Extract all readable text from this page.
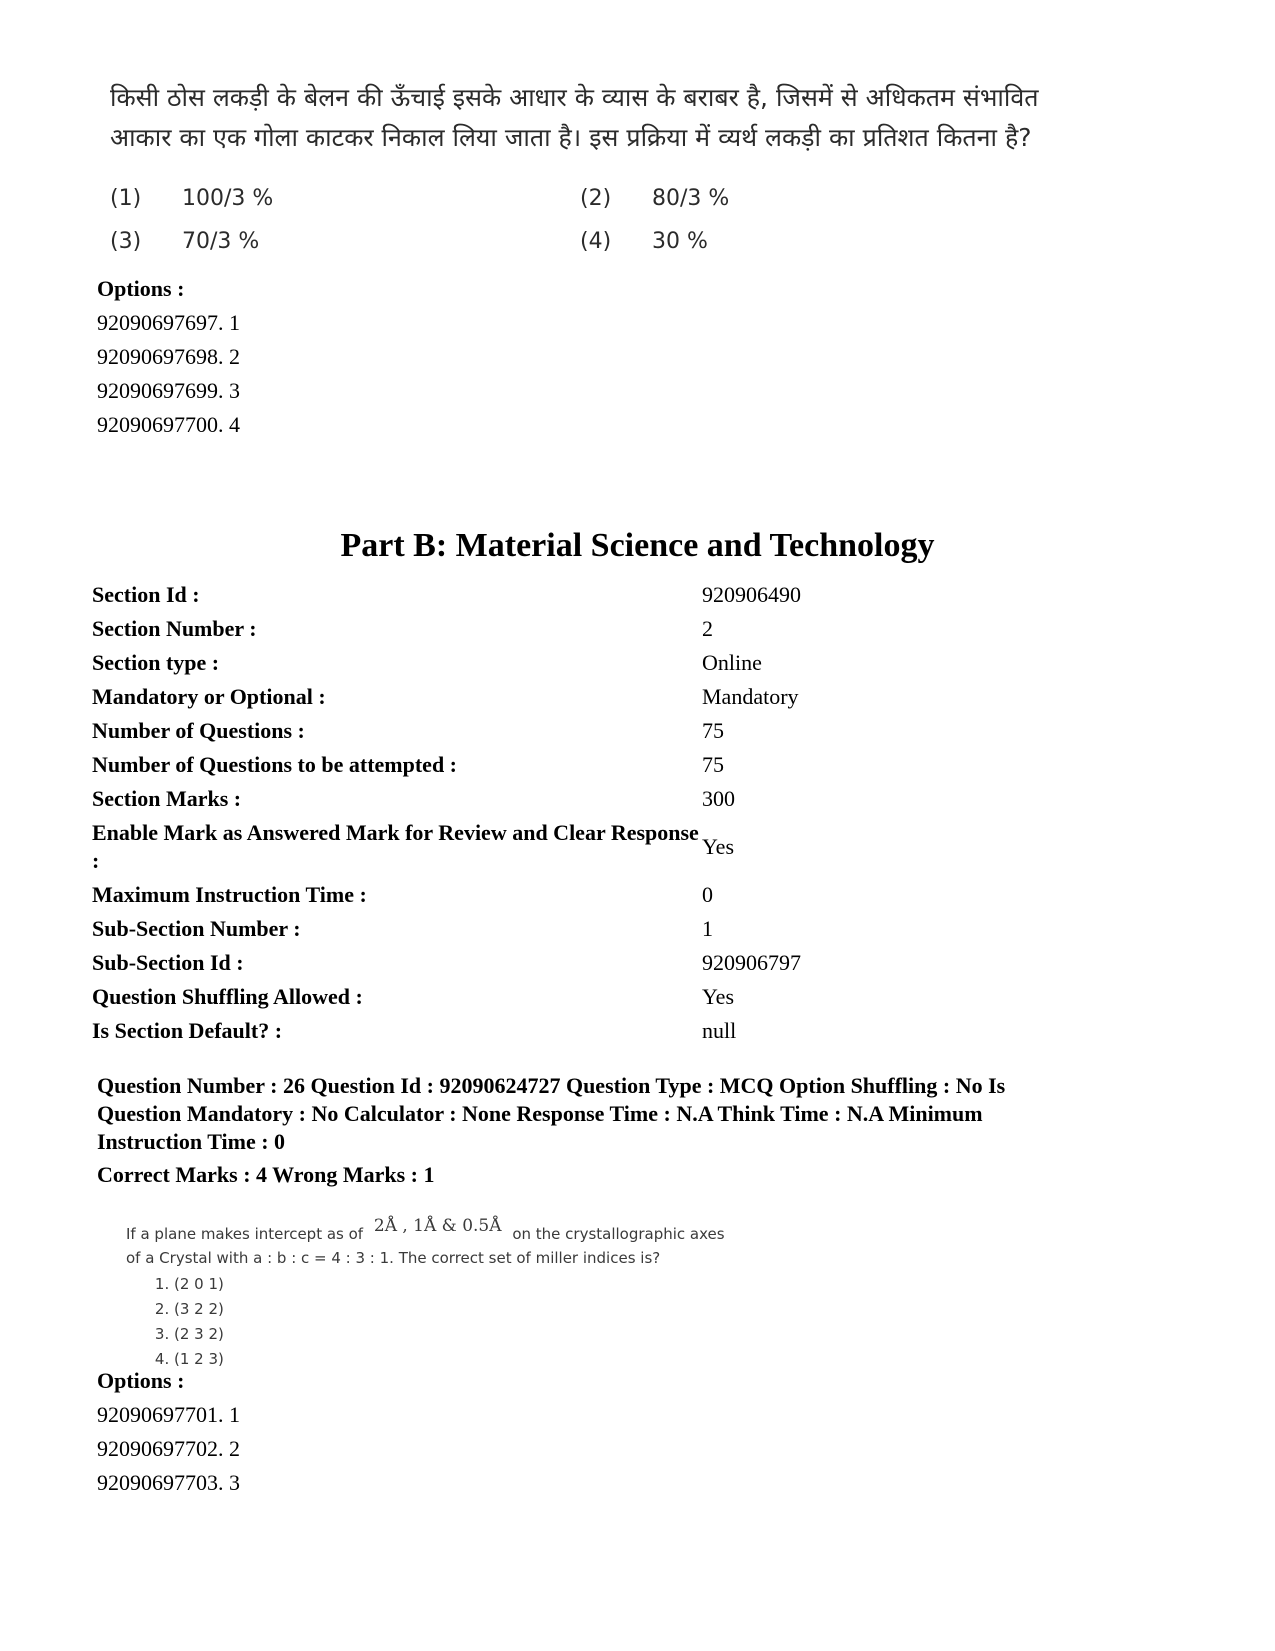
किसी ठोस लकड़ी के बेलन की ऊँचाई इसके आधार के व्यास के बराबर है, जिसमें से अधिकतम संभावित

आकार का एक गोला काटकर निकाल लिया जाता है। इस प्रक्रिया में व्यर्थ लकड़ी का प्रतिशत कितना है?

(1)	100/3 %	(2)	80/3 %
(3)	70/3 %	(4)	30 %
Options :
92090697697. 1
92090697698. 2
92090697699. 3
92090697700. 4
Part B: Material Science and Technology
Section Id :	920906490
Section Number :	2
Section type :	Online
Mandatory or Optional :	Mandatory
Number of Questions :	75
Number of Questions to be attempted :	75
Section Marks :	300
Enable Mark as Answered Mark for Review and Clear Response :
Yes
Maximum Instruction Time :	0
Sub-Section Number :	1
Sub-Section Id :	920906797
Question Shuffling Allowed :	Yes
Is Section Default? :	null
Question Number : 26 Question Id : 92090624727 Question Type : MCQ Option Shuffling : No Is
Question Mandatory : No Calculator : None Response Time : N.A Think Time : N.A Minimum
Instruction Time : 0
Correct Marks : 4 Wrong Marks : 1
If a plane makes intercept as of 2Å , 1Å & 0.5Å on the crystallographic axes
of a Crystal with a : b : c = 4 : 3 : 1. The correct set of miller indices is?
1. (2 0 1)
2. (3 2 2)
3. (2 3 2)
4. (1 2 3)
Options :
92090697701. 1
92090697702. 2
92090697703. 3
